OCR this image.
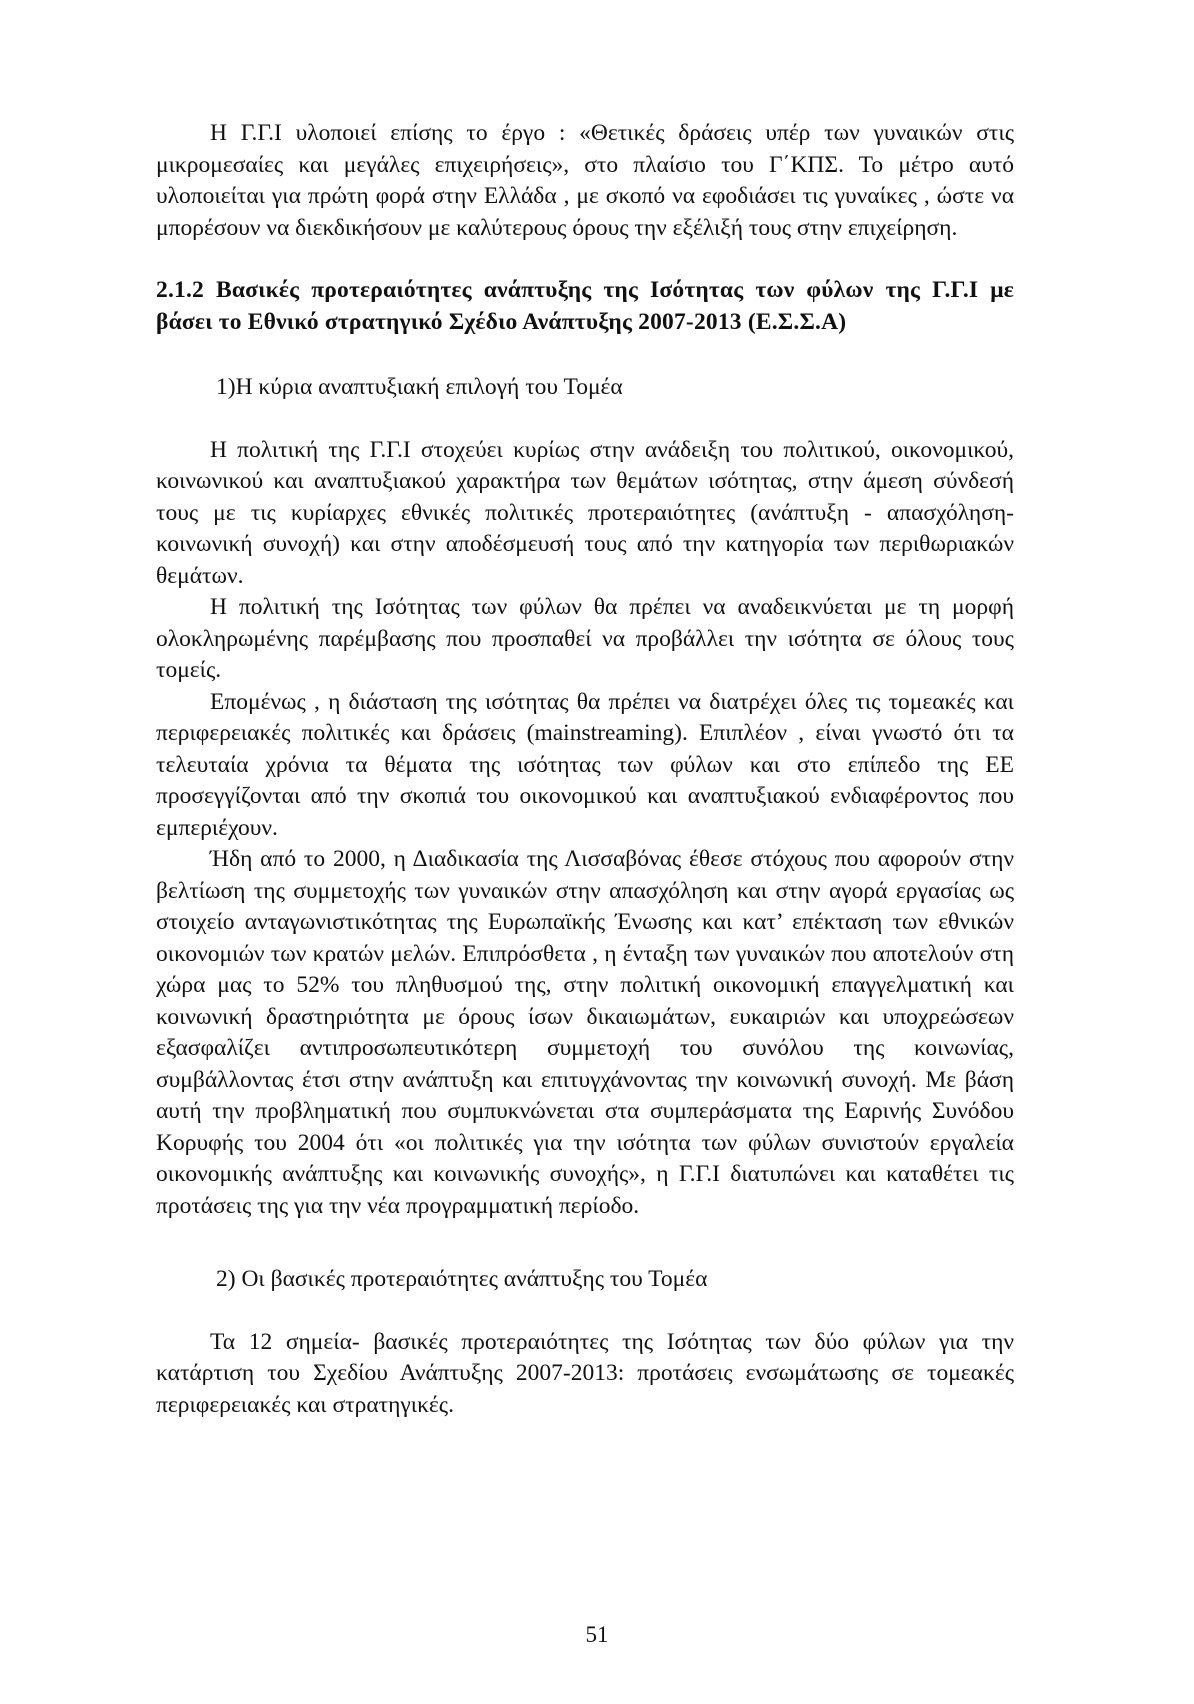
Η Γ.Γ.Ι υλοποιεί επίσης το έργο : «Θετικές δράσεις υπέρ των γυναικών στις μικρομεσαίες και μεγάλες επιχειρήσεις», στο πλαίσιο του Γ΄ΚΠΣ. Το μέτρο αυτό υλοποιείται για πρώτη φορά στην Ελλάδα , με σκοπό να εφοδιάσει τις γυναίκες , ώστε να μπορέσουν να διεκδικήσουν με καλύτερους όρους την εξέλιξή τους στην επιχείρηση.

2.1.2 Βασικές προτεραιότητες ανάπτυξης της Ισότητας των φύλων της Γ.Γ.Ι με βάσει το Εθνικό στρατηγικό Σχέδιο Ανάπτυξης 2007-2013 (Ε.Σ.Σ.Α)

1)Η κύρια αναπτυξιακή επιλογή του Τομέα

Η πολιτική της Γ.Γ.Ι στοχεύει κυρίως στην ανάδειξη του πολιτικού, οικονομικού, κοινωνικού και αναπτυξιακού χαρακτήρα των θεμάτων ισότητας, στην άμεση σύνδεσή τους με τις κυρίαρχες εθνικές πολιτικές προτεραιότητες (ανάπτυξη - απασχόληση- κοινωνική συνοχή) και στην αποδέσμευσή τους από την κατηγορία των περιθωριακών θεμάτων.

Η πολιτική της Ισότητας των φύλων θα πρέπει να αναδεικνύεται με τη μορφή ολοκληρωμένης παρέμβασης που προσπαθεί να προβάλλει την ισότητα σε όλους τους τομείς.

Επομένως , η διάσταση της ισότητας θα πρέπει να διατρέχει όλες τις τομεακές και περιφερειακές πολιτικές και δράσεις (mainstreaming). Επιπλέον , είναι γνωστό ότι τα τελευταία χρόνια τα θέματα της ισότητας των φύλων και στο επίπεδο της ΕΕ προσεγγίζονται από την σκοπιά του οικονομικού και αναπτυξιακού ενδιαφέροντος που εμπεριέχουν.

Ήδη από το 2000, η Διαδικασία της Λισσαβόνας έθεσε στόχους που αφορούν στην βελτίωση της συμμετοχής των γυναικών στην απασχόληση και στην αγορά εργασίας ως στοιχείο ανταγωνιστικότητας της Ευρωπαϊκής Ένωσης και κατ’ επέκταση των εθνικών οικονομιών των κρατών μελών. Επιπρόσθετα , η ένταξη των γυναικών που αποτελούν στη χώρα μας το 52% του πληθυσμού της, στην πολιτική οικονομική επαγγελματική και κοινωνική δραστηριότητα με όρους ίσων δικαιωμάτων, ευκαιριών και υποχρεώσεων εξασφαλίζει αντιπροσωπευτικότερη συμμετοχή του συνόλου της κοινωνίας, συμβάλλοντας έτσι στην ανάπτυξη και επιτυγχάνοντας την κοινωνική συνοχή. Με βάση αυτή την προβληματική που συμπυκνώνεται στα συμπεράσματα της Εαρινής Συνόδου Κορυφής του 2004 ότι «οι πολιτικές για την ισότητα των φύλων συνιστούν εργαλεία οικονομικής ανάπτυξης και κοινωνικής συνοχής», η Γ.Γ.Ι διατυπώνει και καταθέτει τις προτάσεις της για την νέα προγραμματική περίοδο.

2) Οι βασικές προτεραιότητες ανάπτυξης του Τομέα

Τα 12 σημεία- βασικές προτεραιότητες της Ισότητας των δύο φύλων για την κατάρτιση του Σχεδίου Ανάπτυξης 2007-2013: προτάσεις ενσωμάτωσης σε τομεακές περιφερειακές και στρατηγικές.

51
